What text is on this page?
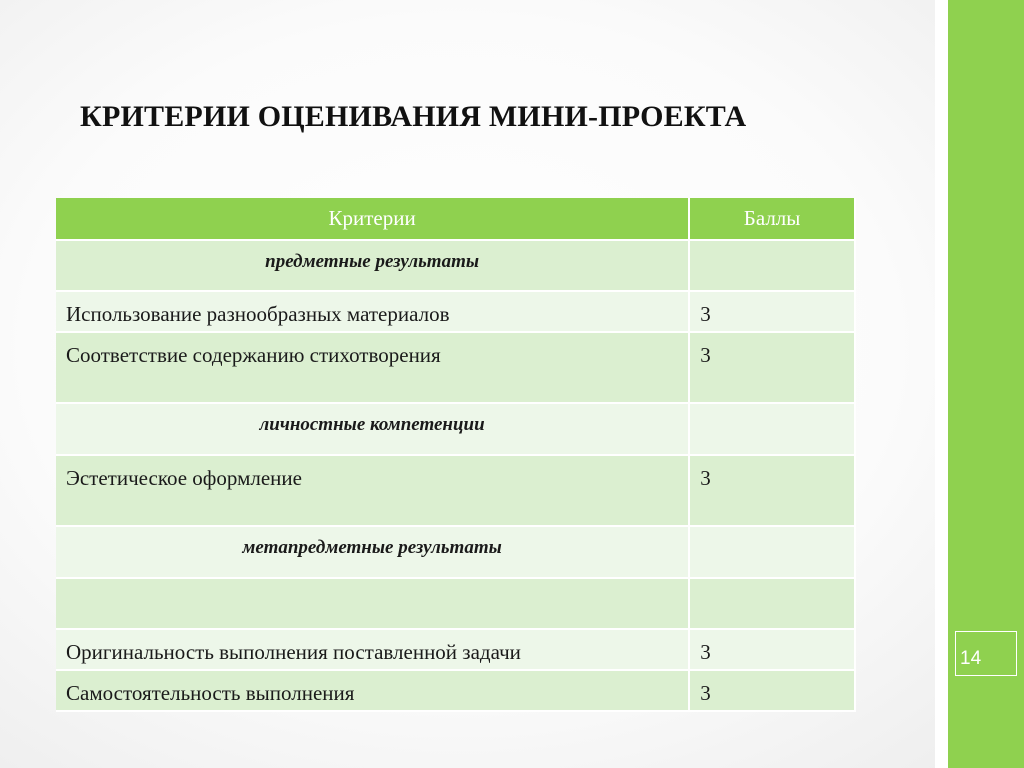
14
КРИТЕРИИ ОЦЕНИВАНИЯ МИНИ-ПРОЕКТА
Критерии	Баллы
предметные результаты	
Использование разнообразных материалов	3
Соответствие содержанию стихотворения	3
личностные компетенции	
Эстетическое оформление	3
метапредметные результаты	

Оригинальность выполнения поставленной задачи	3
Самостоятельность выполнения	3
